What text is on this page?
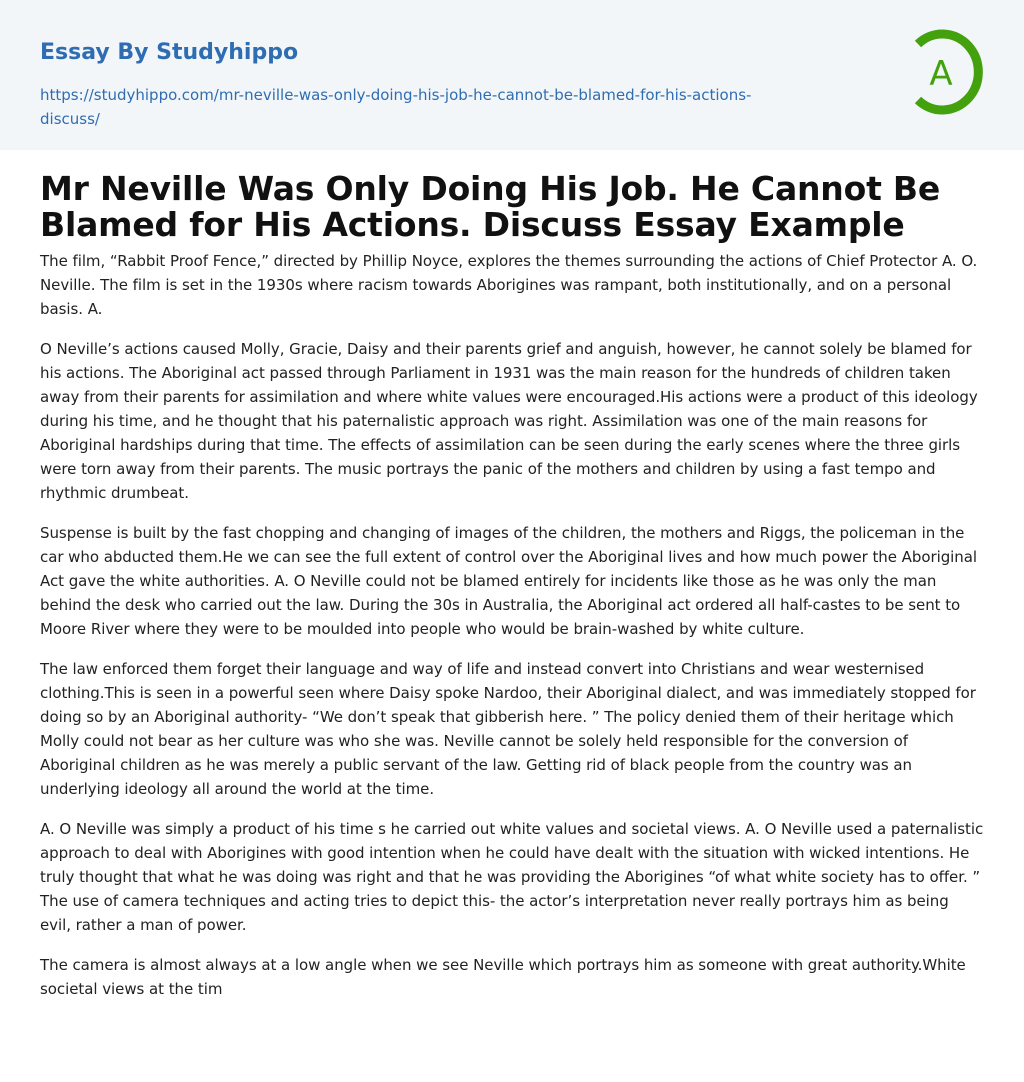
Essay By Studyhippo
https://studyhippo.com/mr-neville-was-only-doing-his-job-he-cannot-be-blamed-for-his-actions-discuss/
A
Mr Neville Was Only Doing His Job. He Cannot Be Blamed for His Actions. Discuss Essay Example

The film, “Rabbit Proof Fence,” directed by Phillip Noyce, explores the themes surrounding the actions of Chief Protector A. O. Neville. The film is set in the 1930s where racism towards Aborigines was rampant, both institutionally, and on a personal basis. A.

O Neville’s actions caused Molly, Gracie, Daisy and their parents grief and anguish, however, he cannot solely be blamed for his actions. The Aboriginal act passed through Parliament in 1931 was the main reason for the hundreds of children taken away from their parents for assimilation and where white values were encouraged.His actions were a product of this ideology during his time, and he thought that his paternalistic approach was right. Assimilation was one of the main reasons for Aboriginal hardships during that time. The effects of assimilation can be seen during the early scenes where the three girls were torn away from their parents. The music portrays the panic of the mothers and children by using a fast tempo and rhythmic drumbeat.

Suspense is built by the fast chopping and changing of images of the children, the mothers and Riggs, the policeman in the car who abducted them.He we can see the full extent of control over the Aboriginal lives and how much power the Aboriginal Act gave the white authorities. A. O Neville could not be blamed entirely for incidents like those as he was only the man behind the desk who carried out the law. During the 30s in Australia, the Aboriginal act ordered all half-castes to be sent to Moore River where they were to be moulded into people who would be brain-washed by white culture.

The law enforced them forget their language and way of life and instead convert into Christians and wear westernised clothing.This is seen in a powerful seen where Daisy spoke Nardoo, their Aboriginal dialect, and was immediately stopped for doing so by an Aboriginal authority- “We don’t speak that gibberish here. ” The policy denied them of their heritage which Molly could not bear as her culture was who she was. Neville cannot be solely held responsible for the conversion of Aboriginal children as he was merely a public servant of the law. Getting rid of black people from the country was an underlying ideology all around the world at the time.

A. O Neville was simply a product of his time s he carried out white values and societal views. A. O Neville used a paternalistic approach to deal with Aborigines with good intention when he could have dealt with the situation with wicked intentions. He truly thought that what he was doing was right and that he was providing the Aborigines “of what white society has to offer. ” The use of camera techniques and acting tries to depict this- the actor’s interpretation never really portrays him as being evil, rather a man of power.

The camera is almost always at a low angle when we see Neville which portrays him as someone with great authority.White societal views at the tim
